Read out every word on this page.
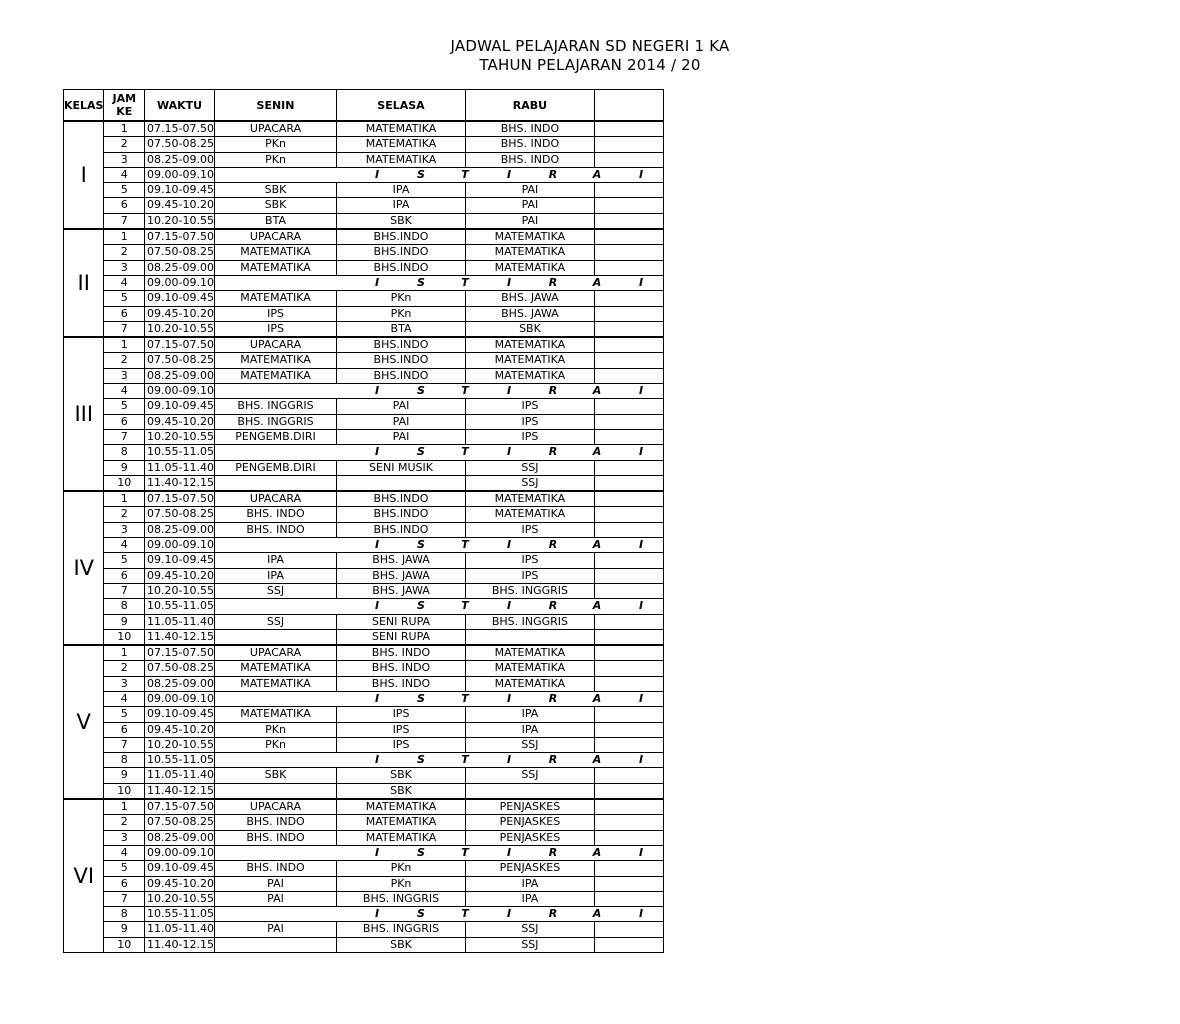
JADWAL PELAJARAN SD NEGERI 1 KA
TAHUN PELAJARAN 2014 / 20
KELAS	JAM KE	WAKTU	SENIN	SELASA	RABU	
I	1	07.15-07.50	UPACARA	MATEMATIKA	BHS. INDO	
	2	07.50-08.25	PKn	MATEMATIKA	BHS. INDO	
	3	08.25-09.00	PKn	MATEMATIKA	BHS. INDO	
	4	09.00-09.10	I S T I R A I			
	5	09.10-09.45	SBK	IPA	PAI	
	6	09.45-10.20	SBK	IPA	PAI	
	7	10.20-10.55	BTA	SBK	PAI	
II	1	07.15-07.50	UPACARA	BHS.INDO	MATEMATIKA	
	2	07.50-08.25	MATEMATIKA	BHS.INDO	MATEMATIKA	
	3	08.25-09.00	MATEMATIKA	BHS.INDO	MATEMATIKA	
	4	09.00-09.10	I S T I R A I			
	5	09.10-09.45	MATEMATIKA	PKn	BHS. JAWA	
	6	09.45-10.20	IPS	PKn	BHS. JAWA	
	7	10.20-10.55	IPS	BTA	SBK	
III	1	07.15-07.50	UPACARA	BHS.INDO	MATEMATIKA	
	2	07.50-08.25	MATEMATIKA	BHS.INDO	MATEMATIKA	
	3	08.25-09.00	MATEMATIKA	BHS.INDO	MATEMATIKA	
	4	09.00-09.10	I S T I R A I			
	5	09.10-09.45	BHS. INGGRIS	PAI	IPS	
	6	09.45-10.20	BHS. INGGRIS	PAI	IPS	
	7	10.20-10.55	PENGEMB.DIRI	PAI	IPS	
	8	10.55-11.05	I S T I R A I			
	9	11.05-11.40	PENGEMB.DIRI	SENI MUSIK	SSJ	
	10	11.40-12.15			SSJ	
IV	1	07.15-07.50	UPACARA	BHS.INDO	MATEMATIKA	
	2	07.50-08.25	BHS. INDO	BHS.INDO	MATEMATIKA	
	3	08.25-09.00	BHS. INDO	BHS.INDO	IPS	
	4	09.00-09.10	I S T I R A I			
	5	09.10-09.45	IPA	BHS. JAWA	IPS	
	6	09.45-10.20	IPA	BHS. JAWA	IPS	
	7	10.20-10.55	SSJ	BHS. JAWA	BHS. INGGRIS	
	8	10.55-11.05	I S T I R A I			
	9	11.05-11.40	SSJ	SENI RUPA	BHS. INGGRIS	
	10	11.40-12.15		SENI RUPA		
V	1	07.15-07.50	UPACARA	BHS. INDO	MATEMATIKA	
	2	07.50-08.25	MATEMATIKA	BHS. INDO	MATEMATIKA	
	3	08.25-09.00	MATEMATIKA	BHS. INDO	MATEMATIKA	
	4	09.00-09.10	I S T I R A I			
	5	09.10-09.45	MATEMATIKA	IPS	IPA	
	6	09.45-10.20	PKn	IPS	IPA	
	7	10.20-10.55	PKn	IPS	SSJ	
	8	10.55-11.05	I S T I R A I			
	9	11.05-11.40	SBK	SBK	SSJ	
	10	11.40-12.15		SBK		
VI	1	07.15-07.50	UPACARA	MATEMATIKA	PENJASKES	
	2	07.50-08.25	BHS. INDO	MATEMATIKA	PENJASKES	
	3	08.25-09.00	BHS. INDO	MATEMATIKA	PENJASKES	
	4	09.00-09.10	I S T I R A I			
	5	09.10-09.45	BHS. INDO	PKn	PENJASKES	
	6	09.45-10.20	PAI	PKn	IPA	
	7	10.20-10.55	PAI	BHS. INGGRIS	IPA	
	8	10.55-11.05	I S T I R A I			
	9	11.05-11.40	PAI	BHS. INGGRIS	SSJ	
	10	11.40-12.15		SBK	SSJ	
